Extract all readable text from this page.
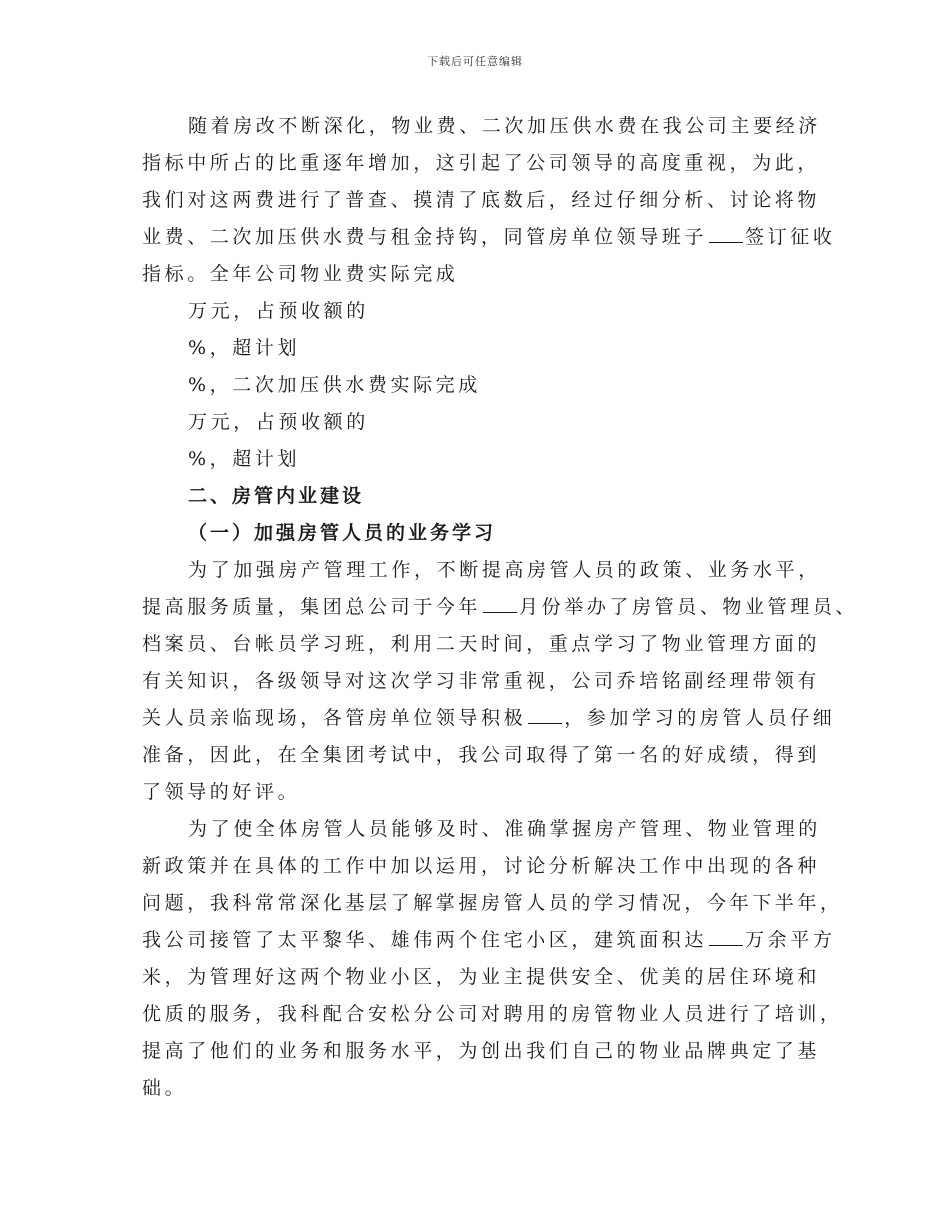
下载后可任意编辑
随着房改不断深化，物业费、二次加压供水费在我公司主要经济
指标中所占的比重逐年增加，这引起了公司领导的高度重视，为此，
我们对这两费进行了普查、摸清了底数后，经过仔细分析、讨论将物
业费、二次加压供水费与租金持钩，同管房单位领导班子 签订征收
指标。全年公司物业费实际完成
万元，占预收额的
%，超计划
%，二次加压供水费实际完成
万元，占预收额的
%，超计划
二、房管内业建设
（一）加强房管人员的业务学习
为了加强房产管理工作，不断提高房管人员的政策、业务水平，
提高服务质量，集团总公司于今年 月份举办了房管员、物业管理员、
档案员、台帐员学习班，利用二天时间，重点学习了物业管理方面的
有关知识，各级领导对这次学习非常重视，公司乔培铭副经理带领有
关人员亲临现场，各管房单位领导积极 ，参加学习的房管人员仔细
准备，因此，在全集团考试中，我公司取得了第一名的好成绩，得到
了领导的好评。
为了使全体房管人员能够及时、准确掌握房产管理、物业管理的
新政策并在具体的工作中加以运用，讨论分析解决工作中出现的各种
问题，我科常常深化基层了解掌握房管人员的学习情况，今年下半年，
我公司接管了太平黎华、雄伟两个住宅小区，建筑面积达 万余平方
米，为管理好这两个物业小区，为业主提供安全、优美的居住环境和
优质的服务，我科配合安松分公司对聘用的房管物业人员进行了培训，
提高了他们的业务和服务水平，为创出我们自己的物业品牌典定了基
础。
